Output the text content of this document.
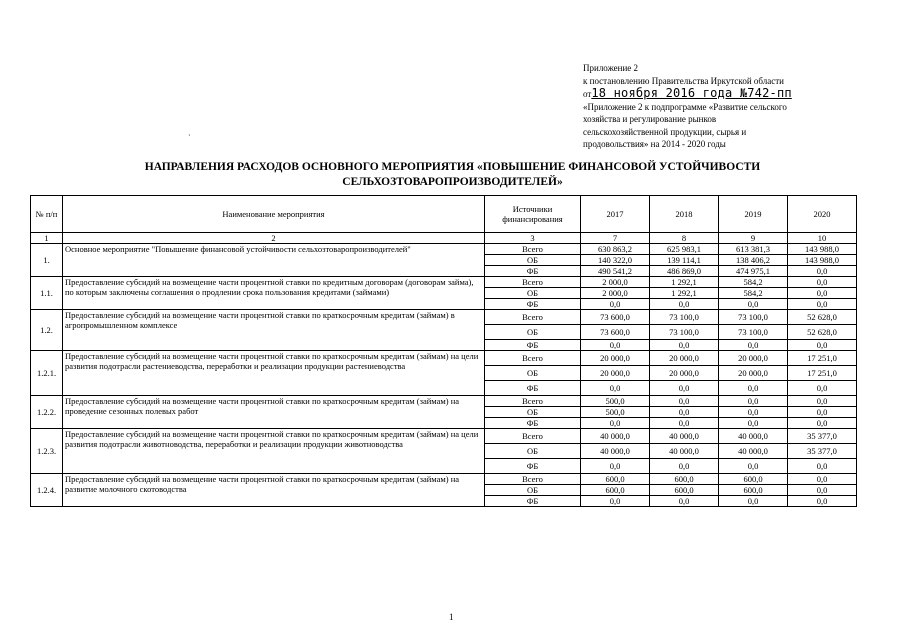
Приложение 2
к постановлению Правительства Иркутской области
от18 ноября 2016 года №742-пп
«Приложение 2 к подпрограмме «Развитие сельского
хозяйства и регулирование рынков
сельскохозяйственной продукции, сырья и
продовольствия» на 2014 - 2020 годы
·
НАПРАВЛЕНИЯ РАСХОДОВ ОСНОВНОГО МЕРОПРИЯТИЯ «ПОВЫШЕНИЕ ФИНАНСОВОЙ УСТОЙЧИВОСТИ
СЕЛЬХОЗТОВАРОПРОИЗВОДИТЕЛЕЙ»
№ п/п	Наименование мероприятия	Источники финансирования	2017	2018	2019	2020
1	2	3	7	8	9	10
1.	Основное мероприятие "Повышение финансовой устойчивости сельхозтоваропроизводителей"	Всего	630 863,2	625 983,1	613 381,3	143 988,0
		ОБ	140 322,0	139 114,1	138 406,2	143 988,0
		ФБ	490 541,2	486 869,0	474 975,1	0,0
1.1.	Предоставление субсидий на возмещение части процентной ставки по кредитным договорам (договорам займа), по которым заключены соглашения о продлении срока пользования кредитами (займами)	Всего	2 000,0	1 292,1	584,2	0,0
		ОБ	2 000,0	1 292,1	584,2	0,0
		ФБ	0,0	0,0	0,0	0,0
1.2.	Предоставление субсидий на возмещение части процентной ставки по краткосрочным кредитам (займам) в агропромышленном комплексе	Всего	73 600,0	73 100,0	73 100,0	52 628,0
		ОБ	73 600,0	73 100,0	73 100,0	52 628,0
		ФБ	0,0	0,0	0,0	0,0
1.2.1.	Предоставление субсидий на возмещение части процентной ставки по краткосрочным кредитам (займам) на цели развития подотрасли растениеводства, переработки и реализации продукции растениеводства	Всего	20 000,0	20 000,0	20 000,0	17 251,0
		ОБ	20 000,0	20 000,0	20 000,0	17 251,0
		ФБ	0,0	0,0	0,0	0,0
1.2.2.	Предоставление субсидий на возмещение части процентной ставки по краткосрочным кредитам (займам) на проведение сезонных полевых работ	Всего	500,0	0,0	0,0	0,0
		ОБ	500,0	0,0	0,0	0,0
		ФБ	0,0	0,0	0,0	0,0
1.2.3.	Предоставление субсидий на возмещение части процентной ставки по краткосрочным кредитам (займам) на цели развития подотрасли животноводства, переработки и реализации продукции животноводства	Всего	40 000,0	40 000,0	40 000,0	35 377,0
		ОБ	40 000,0	40 000,0	40 000,0	35 377,0
		ФБ	0,0	0,0	0,0	0,0
1.2.4.	Предоставление субсидий на возмещение части процентной ставки по краткосрочным кредитам (займам) на развитие молочного скотоводства	Всего	600,0	600,0	600,0	0,0
		ОБ	600,0	600,0	600,0	0,0
		ФБ	0,0	0,0	0,0	0,0
1
